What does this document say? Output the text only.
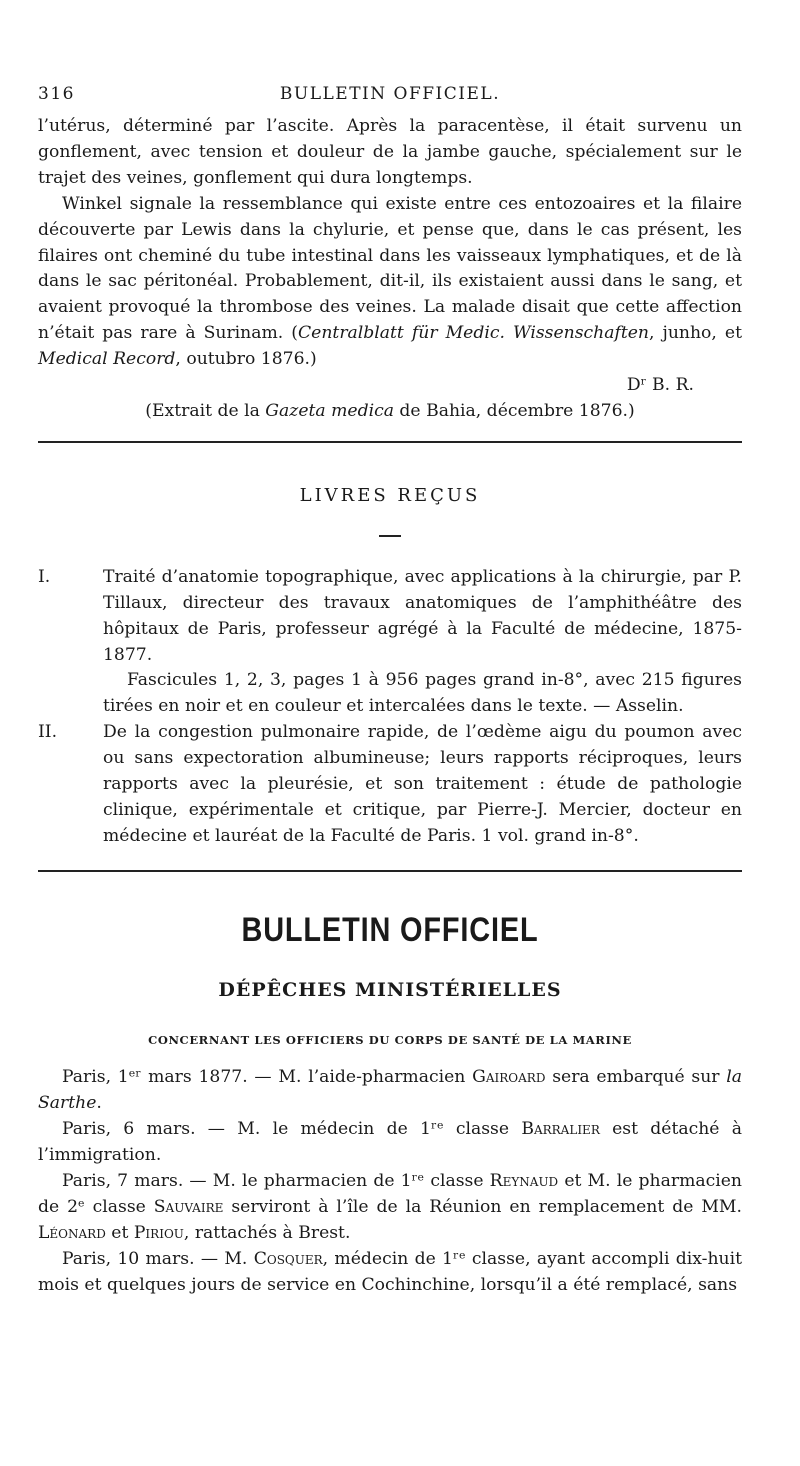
316	BULLETIN OFFICIEL.

l’utérus, déterminé par l’ascite. Après la paracentèse, il était survenu un gonflement, avec tension et douleur de la jambe gauche, spécialement sur le trajet des veines, gonflement qui dura longtemps.

Winkel signale la ressemblance qui existe entre ces entozoaires et la filaire découverte par Lewis dans la chylurie, et pense que, dans le cas présent, les filaires ont cheminé du tube intestinal dans les vaisseaux lymphatiques, et de là dans le sac péritonéal. Probablement, dit-il, ils existaient aussi dans le sang, et avaient provoqué la thrombose des veines. La malade disait que cette affection n’était pas rare à Surinam. (Centralblatt für Medic. Wissenschaften, junho, et Medical Record, outubro 1876.)

Dʳ B. R.

(Extrait de la Gazeta medica de Bahia, décembre 1876.)

LIVRES REÇUS

I.	Traité d’anatomie topographique, avec applications à la chirurgie, par P. Tillaux, directeur des travaux anatomiques de l’amphithéâtre des hôpitaux de Paris, professeur agrégé à la Faculté de médecine, 1875-1877.

Fascicules 1, 2, 3, pages 1 à 956 pages grand in-8°, avec 215 figures tirées en noir et en couleur et intercalées dans le texte. — Asselin.

II.	De la congestion pulmonaire rapide, de l’œdème aigu du poumon avec ou sans expectoration albumineuse; leurs rapports réciproques, leurs rapports avec la pleurésie, et son traitement : étude de pathologie clinique, expérimentale et critique, par Pierre-J. Mercier, docteur en médecine et lauréat de la Faculté de Paris. 1 vol. grand in-8°.

BULLETIN OFFICIEL

DÉPÊCHES MINISTÉRIELLES

CONCERNANT LES OFFICIERS DU CORPS DE SANTÉ DE LA MARINE

Paris, 1ᵉʳ mars 1877. — M. l’aide-pharmacien Gairoard sera embarqué sur la Sarthe.

Paris, 6 mars. — M. le médecin de 1ʳᵉ classe Barralier est détaché à l’immigration.

Paris, 7 mars. — M. le pharmacien de 1ʳᵉ classe Reynaud et M. le pharmacien de 2ᵉ classe Sauvaire serviront à l’île de la Réunion en remplacement de MM. Léonard et Piriou, rattachés à Brest.

Paris, 10 mars. — M. Cosquer, médecin de 1ʳᵉ classe, ayant accompli dix-huit mois et quelques jours de service en Cochinchine, lorsqu’il a été remplacé, sans
